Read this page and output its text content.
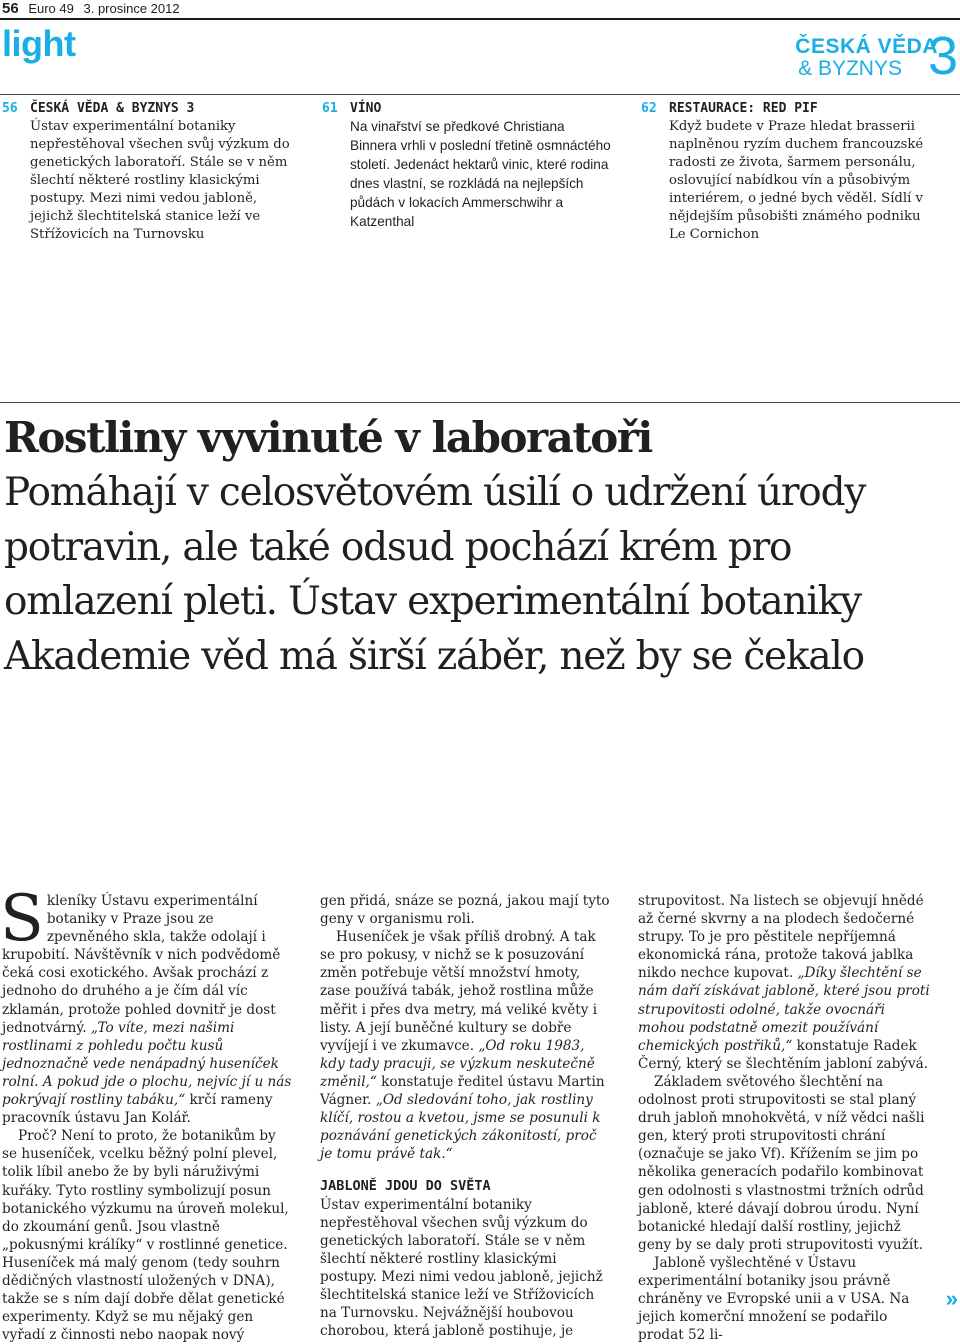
56 Euro 49 3. prosince 2012
light	ČESKÁ VĚDA
& BYZNYS 3
56 ČESKÁ VĚDA & BYZNYS 3
Ústav experimentální botaniky nepřestěhoval všechen svůj výzkum do genetických laboratoří. Stále se v něm šlechtí některé rostliny klasickými postupy. Mezi nimi vedou jabloně, jejichž šlechtitelská stanice leží ve Střížovicích na Turnovsku
61 VÍNO
Na vinařství se předkové Christiana Binnera vrhli v poslední třetině osmnáctého století. Jedenáct hektarů vinic, které rodina dnes vlastní, se rozkládá na nejlepších půdách v lokacích Ammerschwihr a Katzenthal
62 RESTAURACE: RED PIF
Když budete v Praze hledat brasserii naplněnou ryzím duchem francouzské radosti ze života, šarmem personálu, oslovující nabídkou vín a působivým interiérem, o jedné bych věděl. Sídlí v nějdejším působišti známého podniku Le Cornichon
Rostliny vyvinuté v laboratoři
Pomáhají v celosvětovém úsilí o udržení úrody potravin, ale také odsud pochází krém pro omlazení pleti. Ústav experimentální botaniky Akademie věd má širší záběr, než by se čekalo

Skleníky Ústavu experimentální botaniky v Praze jsou ze zpevněného skla, takže odolají i krupobití. Návštěvník v nich podvědomě čeká cosi exotického. Avšak prochází z jednoho do druhého a je čím dál víc zklamán, protože pohled dovnitř je dost jednotvárný. „To víte, mezi našimi rostlinami z pohledu počtu kusů jednoznačně vede nenápadný huseníček rolní. A pokud jde o plochu, nejvíc jí u nás pokrývají rostliny tabáku,“ krčí rameny pracovník ústavu Jan Kolář.

Proč? Není to proto, že botanikům by se huseníček, vcelku běžný polní plevel, tolik líbil anebo že by byli náruživými kuřáky. Tyto rostliny symbolizují posun botanického výzkumu na úroveň molekul, do zkoumání genů. Jsou vlastně „pokusnými králíky“ v rostlinné genetice. Huseníček má malý genom (tedy souhrn dědičných vlastností uložených v DNA), takže se s ním dají dobře dělat genetické experimenty. Když se mu nějaký gen vyřadí z činnosti nebo naopak nový

gen přidá, snáze se pozná, jakou mají tyto geny v organismu roli.

Huseníček je však příliš drobný. A tak se pro pokusy, v nichž se k posuzování změn potřebuje větší množství hmoty, zase používá tabák, jehož rostlina může měřit i přes dva metry, má veliké květy i listy. A její buněčné kultury se dobře vyvíjejí i ve zkumavce. „Od roku 1983, kdy tady pracuji, se výzkum neskutečně změnil,“ konstatuje ředitel ústavu Martin Vágner. „Od sledování toho, jak rostliny klíčí, rostou a kvetou, jsme se posunuli k poznávání genetických zákonitostí, proč je tomu právě tak.“

JABLONĚ JDOU DO SVĚTA

Ústav experimentální botaniky nepřestěhoval všechen svůj výzkum do genetických laboratoří. Stále se v něm šlechtí některé rostliny klasickými postupy. Mezi nimi vedou jabloně, jejichž šlechtitelská stanice leží ve Střížovicích na Turnovsku. Nejvážnější houbovou chorobou, která jabloně postihuje, je

strupovitost. Na listech se objevují hnědé až černé skvrny a na plodech šedočerné strupy. To je pro pěstitele nepříjemná ekonomická rána, protože taková jablka nikdo nechce kupovat. „Díky šlechtění se nám daří získávat jabloně, které jsou proti strupovitosti odolné, takže ovocnáři mohou podstatně omezit používání chemických postřiků,“ konstatuje Radek Černý, který se šlechtěním jabloní zabývá.

Základem světového šlechtění na odolnost proti strupovitosti se stal planý druh jabloň mnohokvětá, v níž vědci našli gen, který proti strupovitosti chrání (označuje se jako Vf). Křížením se jim po několika generacích podařilo kombinovat gen odolnosti s vlastnostmi tržních odrůd jabloně, které dávají dobrou úrodu. Nyní botanické hledají další rostliny, jejichž geny by se daly proti strupovitosti využít.

Jabloně vyšlechtěné v Ústavu experimentální botaniky jsou právně chráněny ve Evropské unii a v USA. Na jejich komerční množení se podařilo prodat 52 li-

»
